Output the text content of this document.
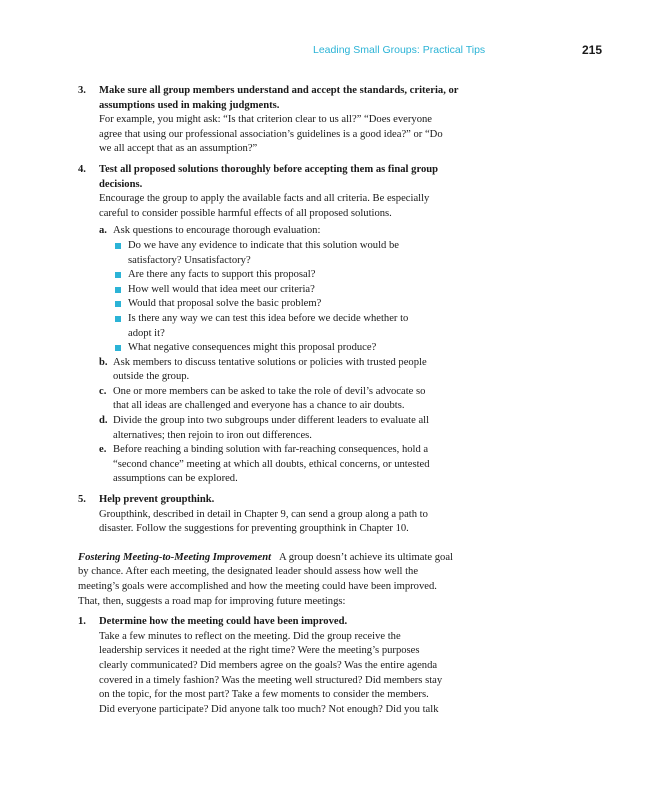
Leading Small Groups: Practical Tips	215
3. Make sure all group members understand and accept the standards, criteria, or
assumptions used in making judgments.

For example, you might ask: “Is that criterion clear to us all?” “Does everyone
agree that using our professional association’s guidelines is a good idea?” or “Do
we all accept that as an assumption?”

4. Test all proposed solutions thoroughly before accepting them as final group
decisions.

Encourage the group to apply the available facts and all criteria. Be especially
careful to consider possible harmful effects of all proposed solutions.

a. Ask questions to encourage thorough evaluation:

Do we have any evidence to indicate that this solution would be
satisfactory? Unsatisfactory?
Are there any facts to support this proposal?
How well would that idea meet our criteria?
Would that proposal solve the basic problem?
Is there any way we can test this idea before we decide whether to
adopt it?
What negative consequences might this proposal produce?
b. Ask members to discuss tentative solutions or policies with trusted people
outside the group.

c. One or more members can be asked to take the role of devil’s advocate so
that all ideas are challenged and everyone has a chance to air doubts.

d. Divide the group into two subgroups under different leaders to evaluate all
alternatives; then rejoin to iron out differences.

e. Before reaching a binding solution with far-reaching consequences, hold a
“second chance” meeting at which all doubts, ethical concerns, or untested
assumptions can be explored.

5. Help prevent groupthink.

Groupthink, described in detail in Chapter 9, can send a group along a path to
disaster. Follow the suggestions for preventing groupthink in Chapter 10.

Fostering Meeting-to-Meeting Improvement A group doesn’t achieve its ultimate goal
by chance. After each meeting, the designated leader should assess how well the
meeting’s goals were accomplished and how the meeting could have been improved.
That, then, suggests a road map for improving future meetings:
1. Determine how the meeting could have been improved.

Take a few minutes to reflect on the meeting. Did the group receive the
leadership services it needed at the right time? Were the meeting’s purposes
clearly communicated? Did members agree on the goals? Was the entire agenda
covered in a timely fashion? Was the meeting well structured? Did members stay
on the topic, for the most part? Take a few moments to consider the members.
Did everyone participate? Did anyone talk too much? Not enough? Did you talk
